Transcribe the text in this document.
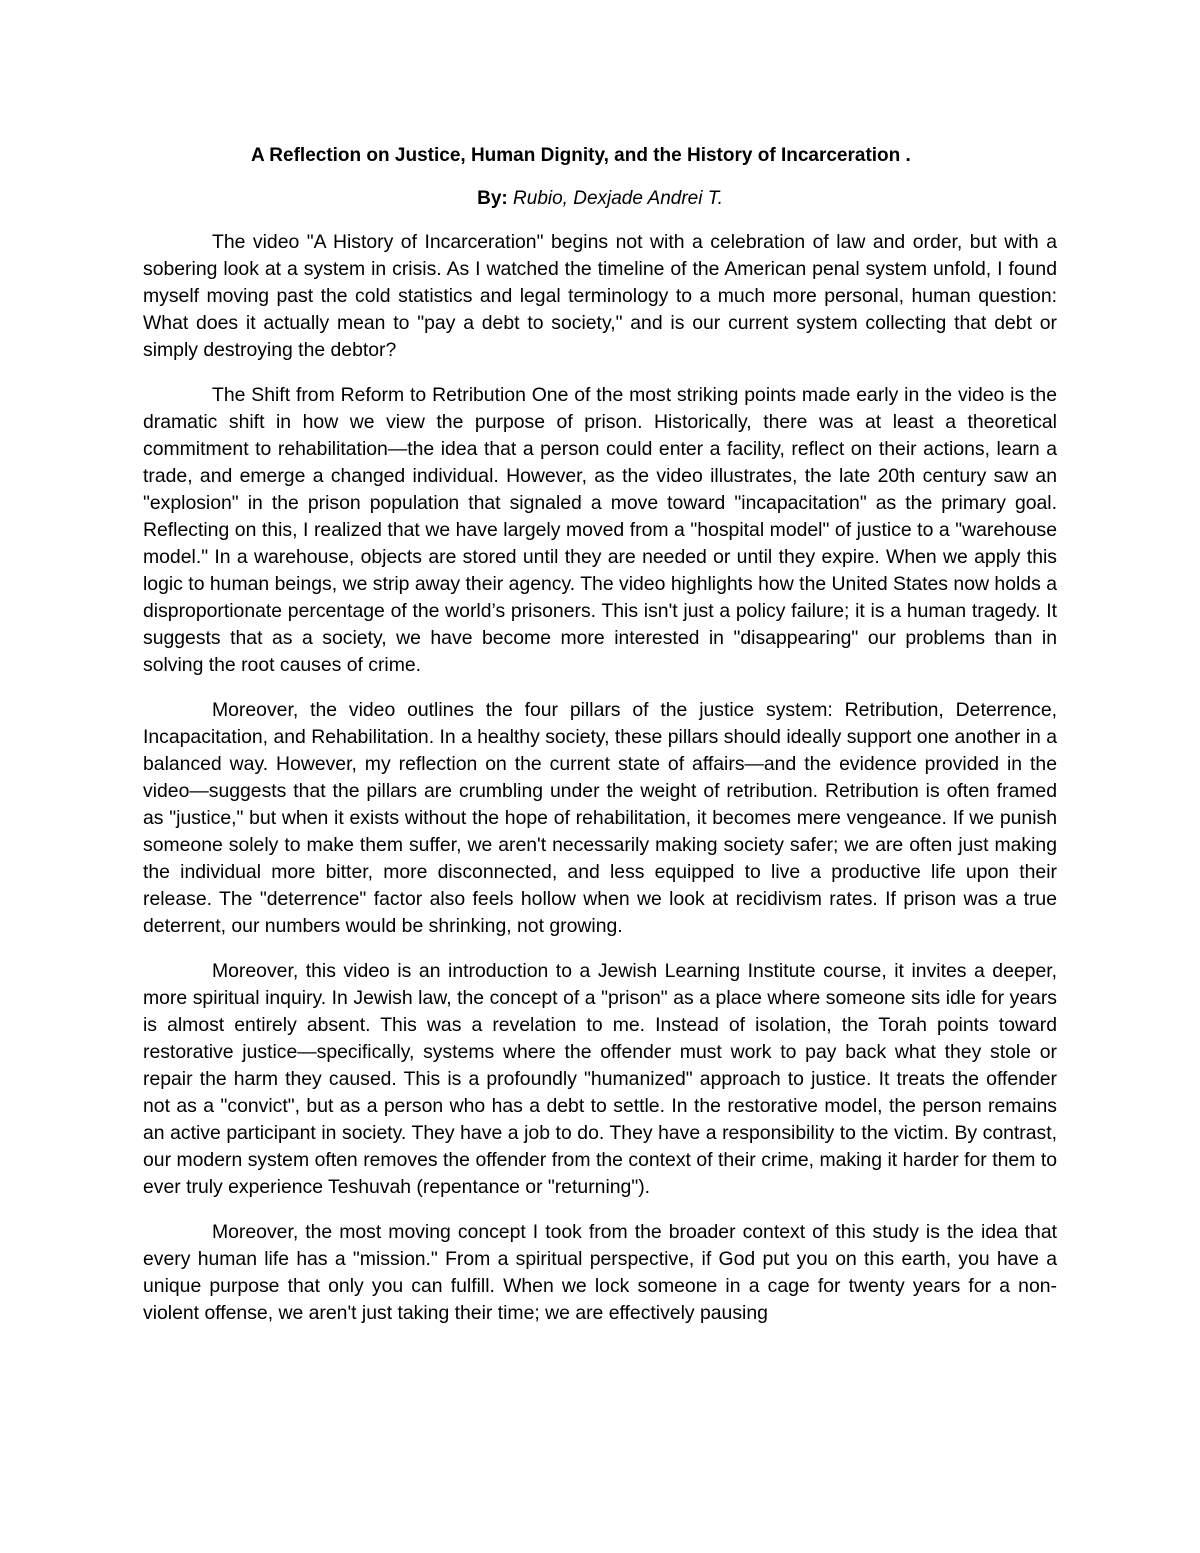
A Reflection on Justice, Human Dignity, and the History of Incarceration .

By: Rubio, Dexjade Andrei T.

The video "A History of Incarceration" begins not with a celebration of law and order, but with a sobering look at a system in crisis. As I watched the timeline of the American penal system unfold, I found myself moving past the cold statistics and legal terminology to a much more personal, human question: What does it actually mean to "pay a debt to society," and is our current system collecting that debt or simply destroying the debtor?

The Shift from Reform to Retribution One of the most striking points made early in the video is the dramatic shift in how we view the purpose of prison. Historically, there was at least a theoretical commitment to rehabilitation—the idea that a person could enter a facility, reflect on their actions, learn a trade, and emerge a changed individual. However, as the video illustrates, the late 20th century saw an "explosion" in the prison population that signaled a move toward "incapacitation" as the primary goal. Reflecting on this, I realized that we have largely moved from a "hospital model" of justice to a "warehouse model." In a warehouse, objects are stored until they are needed or until they expire. When we apply this logic to human beings, we strip away their agency. The video highlights how the United States now holds a disproportionate percentage of the world’s prisoners. This isn't just a policy failure; it is a human tragedy. It suggests that as a society, we have become more interested in "disappearing" our problems than in solving the root causes of crime.

Moreover, the video outlines the four pillars of the justice system: Retribution, Deterrence, Incapacitation, and Rehabilitation. In a healthy society, these pillars should ideally support one another in a balanced way. However, my reflection on the current state of affairs—and the evidence provided in the video—suggests that the pillars are crumbling under the weight of retribution. Retribution is often framed as "justice," but when it exists without the hope of rehabilitation, it becomes mere vengeance. If we punish someone solely to make them suffer, we aren't necessarily making society safer; we are often just making the individual more bitter, more disconnected, and less equipped to live a productive life upon their release. The "deterrence" factor also feels hollow when we look at recidivism rates. If prison was a true deterrent, our numbers would be shrinking, not growing.

Moreover, this video is an introduction to a Jewish Learning Institute course, it invites a deeper, more spiritual inquiry. In Jewish law, the concept of a "prison" as a place where someone sits idle for years is almost entirely absent. This was a revelation to me. Instead of isolation, the Torah points toward restorative justice—specifically, systems where the offender must work to pay back what they stole or repair the harm they caused. This is a profoundly "humanized" approach to justice. It treats the offender not as a "convict", but as a person who has a debt to settle. In the restorative model, the person remains an active participant in society. They have a job to do. They have a responsibility to the victim. By contrast, our modern system often removes the offender from the context of their crime, making it harder for them to ever truly experience Teshuvah (repentance or "returning").

Moreover, the most moving concept I took from the broader context of this study is the idea that every human life has a "mission." From a spiritual perspective, if God put you on this earth, you have a unique purpose that only you can fulfill. When we lock someone in a cage for twenty years for a non-violent offense, we aren't just taking their time; we are effectively pausing
